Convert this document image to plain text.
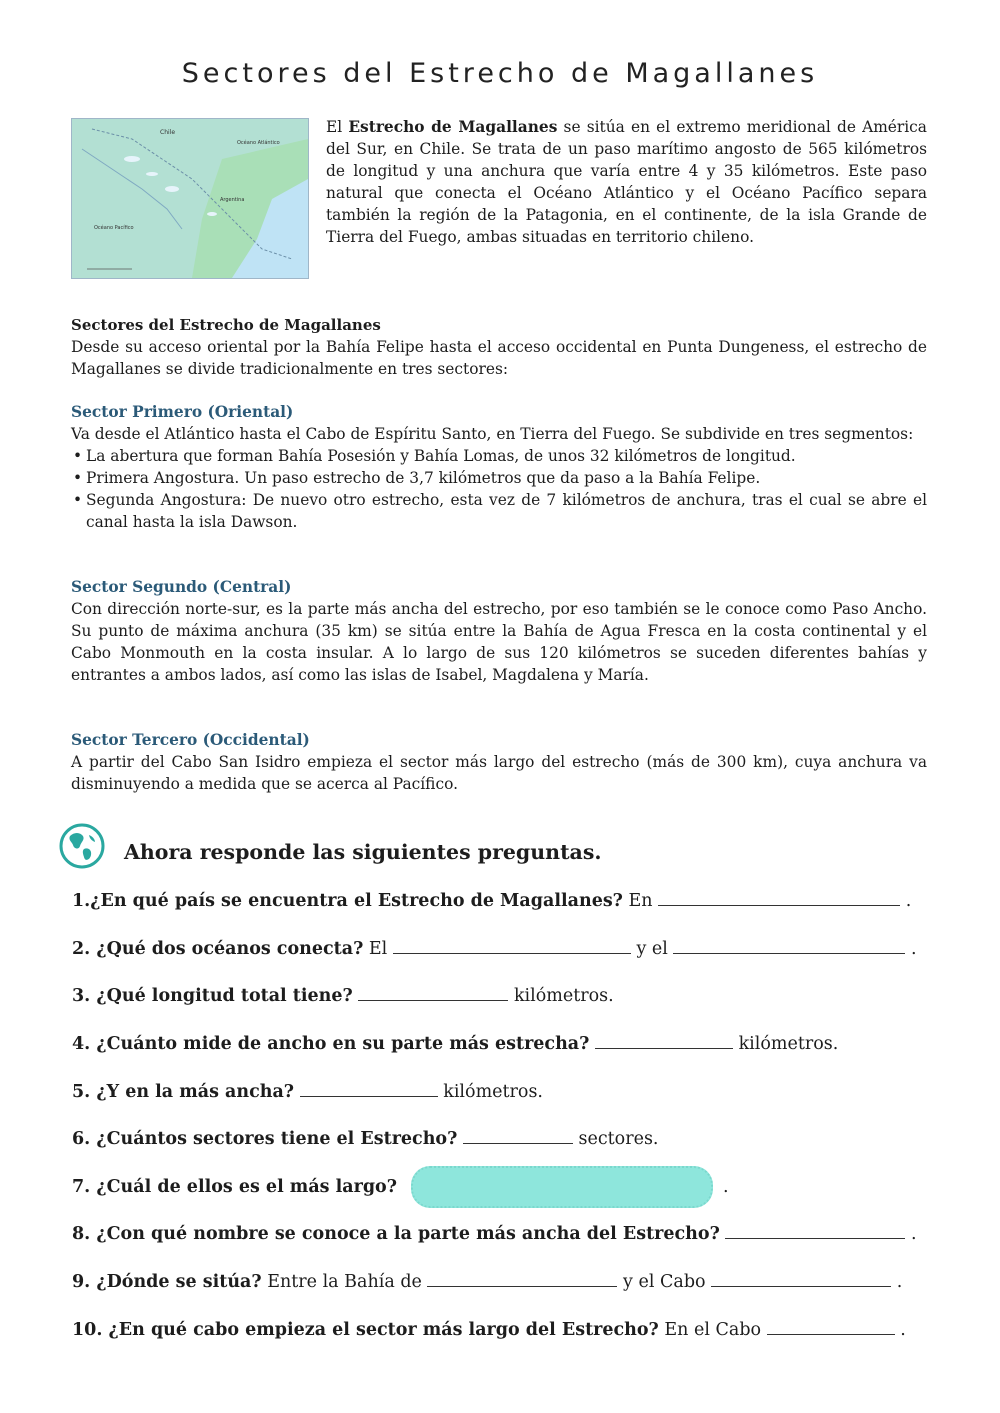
Sectores del Estrecho de Magallanes
Chile
Océano Atlántico
Argentina
Océano Pacífico
El Estrecho de Magallanes se sitúa en el extremo meridional de América del Sur, en Chile. Se trata de un paso marítimo angosto de 565 kilómetros de longitud y una anchura que varía entre 4 y 35 kilómetros. Este paso natural que conecta el Océano Atlántico y el Océano Pacífico separa también la región de la Patagonia, en el continente, de la isla Grande de Tierra del Fuego, ambas situadas en territorio chileno.
Sectores del Estrecho de Magallanes
Desde su acceso oriental por la Bahía Felipe hasta el acceso occidental en Punta Dungeness, el estrecho de Magallanes se divide tradicionalmente en tres sectores:
Sector Primero (Oriental)
Va desde el Atlántico hasta el Cabo de Espíritu Santo, en Tierra del Fuego. Se subdivide en tres segmentos:
• La abertura que forman Bahía Posesión y Bahía Lomas, de unos 32 kilómetros de longitud.
• Primera Angostura. Un paso estrecho de 3,7 kilómetros que da paso a la Bahía Felipe.
• Segunda Angostura: De nuevo otro estrecho, esta vez de 7 kilómetros de anchura, tras el cual se abre el canal hasta la isla Dawson.
Sector Segundo (Central)
Con dirección norte-sur, es la parte más ancha del estrecho, por eso también se le conoce como Paso Ancho. Su punto de máxima anchura (35 km) se sitúa entre la Bahía de Agua Fresca en la costa continental y el Cabo Monmouth en la costa insular. A lo largo de sus 120 kilómetros se suceden diferentes bahías y entrantes a ambos lados, así como las islas de Isabel, Magdalena y María.
Sector Tercero (Occidental)
A partir del Cabo San Isidro empieza el sector más largo del estrecho (más de 300 km), cuya anchura va disminuyendo a medida que se acerca al Pacífico.
Ahora responde las siguientes preguntas.
1.¿En qué país se encuentra el Estrecho de Magallanes? En	.
2. ¿Qué dos océanos conecta? El	y el	.
3. ¿Qué longitud total tiene?	kilómetros.
4. ¿Cuánto mide de ancho en su parte más estrecha?	kilómetros.
5. ¿Y en la más ancha?	kilómetros.
6. ¿Cuántos sectores tiene el Estrecho?	sectores.
7. ¿Cuál de ellos es el más largo?	.
8. ¿Con qué nombre se conoce a la parte más ancha del Estrecho?	.
9. ¿Dónde se sitúa? Entre la Bahía de	y el Cabo	.
10. ¿En qué cabo empieza el sector más largo del Estrecho? En el Cabo	.
